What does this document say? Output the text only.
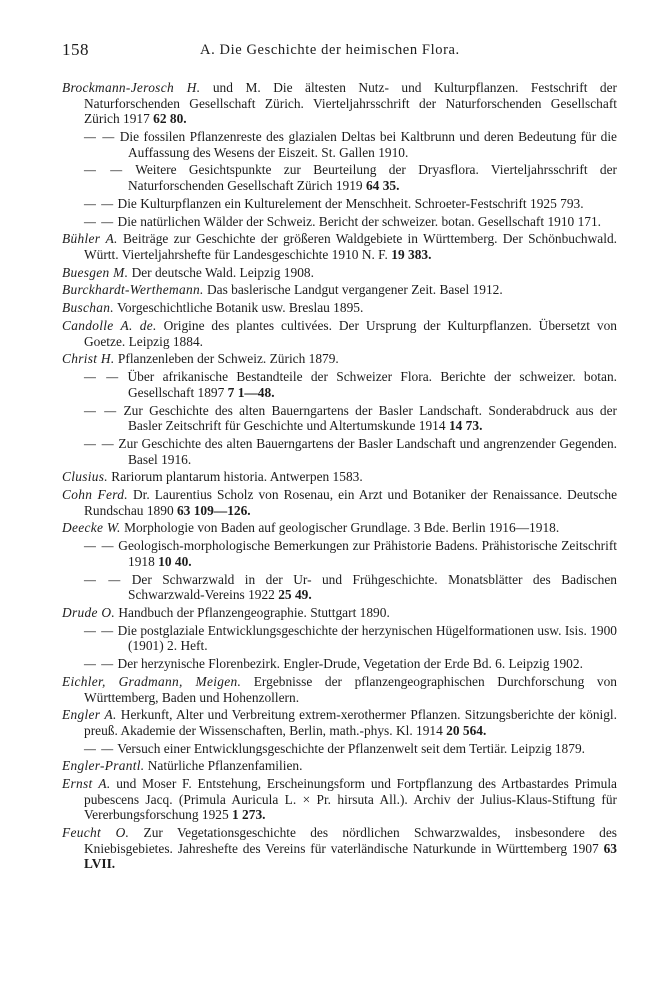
158	A. Die Geschichte der heimischen Flora.
Brockmann-Jerosch H. und M. Die ältesten Nutz- und Kulturpflanzen. Festschrift der Naturforschenden Gesellschaft Zürich. Vierteljahrsschrift der Naturforschenden Gesellschaft Zürich 1917 62 80.
— — Die fossilen Pflanzenreste des glazialen Deltas bei Kaltbrunn und deren Bedeutung für die Auffassung des Wesens der Eiszeit. St. Gallen 1910.
— — Weitere Gesichtspunkte zur Beurteilung der Dryasflora. Vierteljahrsschrift der Naturforschenden Gesellschaft Zürich 1919 64 35.
— — Die Kulturpflanzen ein Kulturelement der Menschheit. Schroeter-Festschrift 1925 793.
— — Die natürlichen Wälder der Schweiz. Bericht der schweizer. botan. Gesellschaft 1910 171.
Bühler A. Beiträge zur Geschichte der größeren Waldgebiete in Württemberg. Der Schönbuchwald. Württ. Vierteljahrshefte für Landesgeschichte 1910 N. F. 19 383.
Buesgen M. Der deutsche Wald. Leipzig 1908.
Burckhardt-Werthemann. Das baslerische Landgut vergangener Zeit. Basel 1912.
Buschan. Vorgeschichtliche Botanik usw. Breslau 1895.
Candolle A. de. Origine des plantes cultivées. Der Ursprung der Kulturpflanzen. Übersetzt von Goetze. Leipzig 1884.
Christ H. Pflanzenleben der Schweiz. Zürich 1879.
— — Über afrikanische Bestandteile der Schweizer Flora. Berichte der schweizer. botan. Gesellschaft 1897 7 1—48.
— — Zur Geschichte des alten Bauerngartens der Basler Landschaft. Sonderabdruck aus der Basler Zeitschrift für Geschichte und Altertumskunde 1914 14 73.
— — Zur Geschichte des alten Bauerngartens der Basler Landschaft und angrenzender Gegenden. Basel 1916.
Clusius. Rariorum plantarum historia. Antwerpen 1583.
Cohn Ferd. Dr. Laurentius Scholz von Rosenau, ein Arzt und Botaniker der Renaissance. Deutsche Rundschau 1890 63 109—126.
Deecke W. Morphologie von Baden auf geologischer Grundlage. 3 Bde. Berlin 1916—1918.
— — Geologisch-morphologische Bemerkungen zur Prähistorie Badens. Prähistorische Zeitschrift 1918 10 40.
— — Der Schwarzwald in der Ur- und Frühgeschichte. Monatsblätter des Badischen Schwarzwald-Vereins 1922 25 49.
Drude O. Handbuch der Pflanzengeographie. Stuttgart 1890.
— — Die postglaziale Entwicklungsgeschichte der herzynischen Hügelformationen usw. Isis. 1900 (1901) 2. Heft.
— — Der herzynische Florenbezirk. Engler-Drude, Vegetation der Erde Bd. 6. Leipzig 1902.
Eichler, Gradmann, Meigen. Ergebnisse der pflanzengeographischen Durchforschung von Württemberg, Baden und Hohenzollern.
Engler A. Herkunft, Alter und Verbreitung extrem-xerothermer Pflanzen. Sitzungsberichte der königl. preuß. Akademie der Wissenschaften, Berlin, math.-phys. Kl. 1914 20 564.
— — Versuch einer Entwicklungsgeschichte der Pflanzenwelt seit dem Tertiär. Leipzig 1879.
Engler-Prantl. Natürliche Pflanzenfamilien.
Ernst A. und Moser F. Entstehung, Erscheinungsform und Fortpflanzung des Artbastardes Primula pubescens Jacq. (Primula Auricula L. × Pr. hirsuta All.). Archiv der Julius-Klaus-Stiftung für Vererbungsforschung 1925 1 273.
Feucht O. Zur Vegetationsgeschichte des nördlichen Schwarzwaldes, insbesondere des Kniebisgebietes. Jahreshefte des Vereins für vaterländische Naturkunde in Württemberg 1907 63 LVII.
